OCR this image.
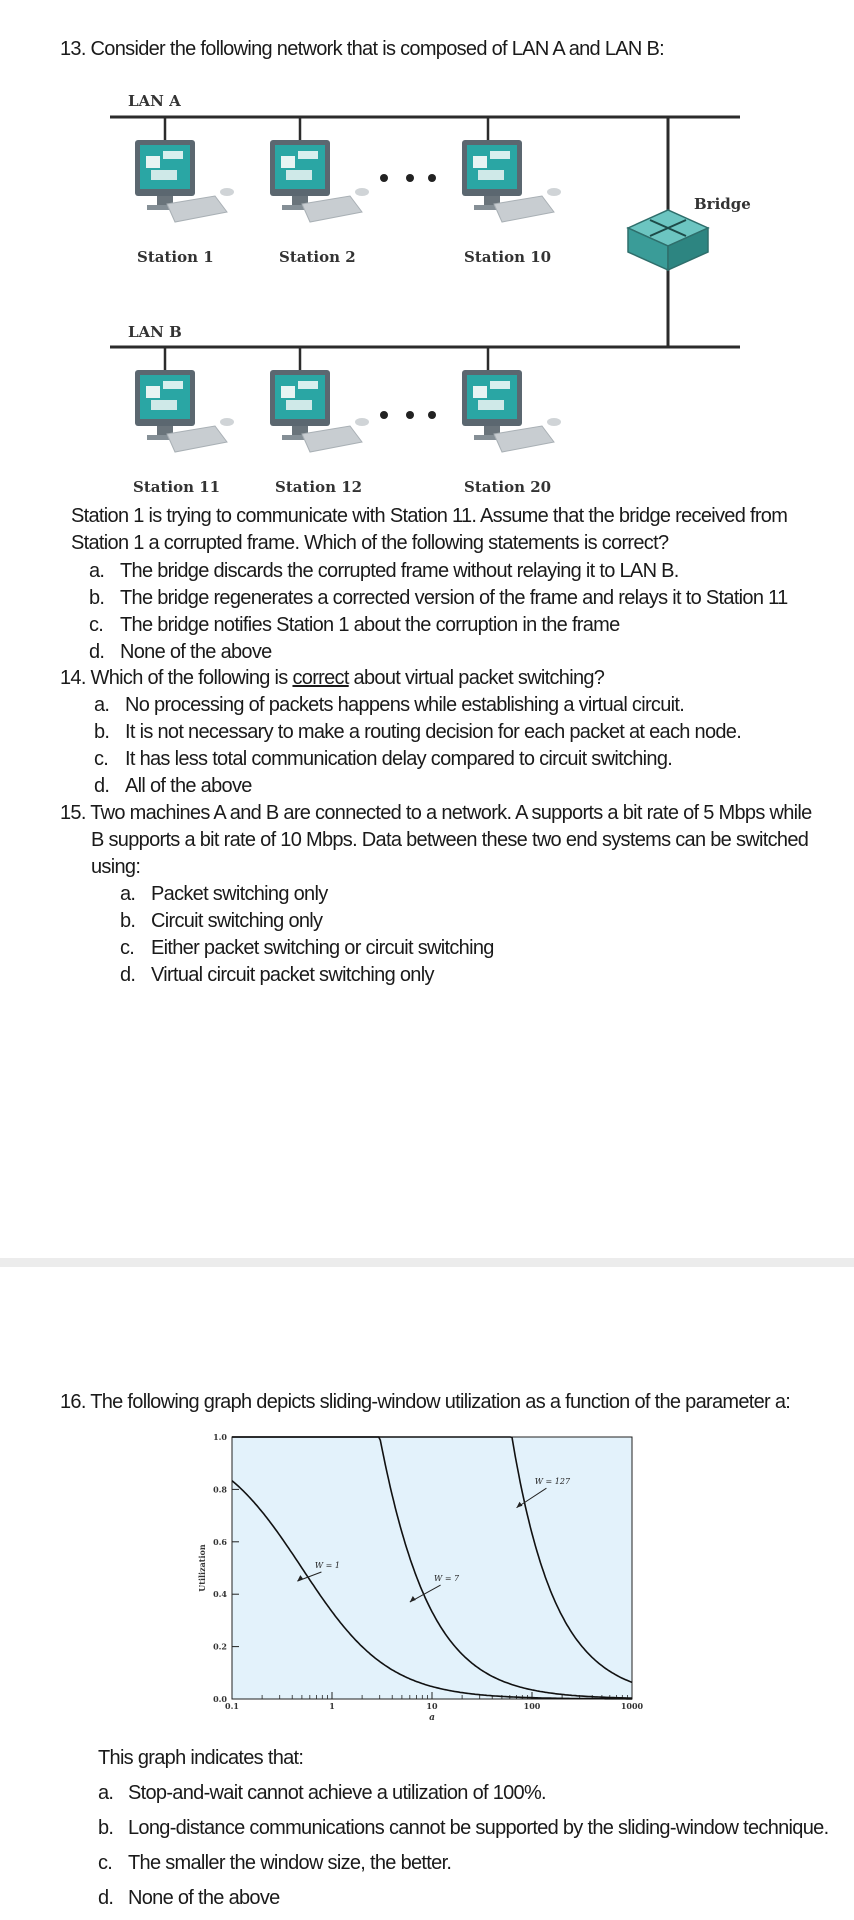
13. Consider the following network that is composed of LAN A and LAN B:
LAN A
LAN B
Bridge
Station 1	Station 2	Station 10
Station 11	Station 12	Station 20
Station 1 is trying to communicate with Station 11. Assume that the bridge received from
Station 1 a corrupted frame. Which of the following statements is correct?
a. The bridge discards the corrupted frame without relaying it to LAN B.
b. The bridge regenerates a corrected version of the frame and relays it to Station 11
c. The bridge notifies Station 1 about the corruption in the frame
d. None of the above
14. Which of the following is correct about virtual packet switching?
a. No processing of packets happens while establishing a virtual circuit.
b. It is not necessary to make a routing decision for each packet at each node.
c. It has less total communication delay compared to circuit switching.
d. All of the above
15. Two machines A and B are connected to a network. A supports a bit rate of 5 Mbps while
B supports a bit rate of 10 Mbps. Data between these two end systems can be switched
using:
a. Packet switching only
b. Circuit switching only
c. Either packet switching or circuit switching
d. Virtual circuit packet switching only
16. The following graph depicts sliding-window utilization as a function of the parameter a:
0.0
0.2
0.4
0.6
0.8
1.0
0.1	1	10	100	1000
a
Utilization	W = 1
W = 7
W = 127
This graph indicates that:
a. Stop-and-wait cannot achieve a utilization of 100%.
b. Long-distance communications cannot be supported by the sliding-window technique.
c. The smaller the window size, the better.
d. None of the above
